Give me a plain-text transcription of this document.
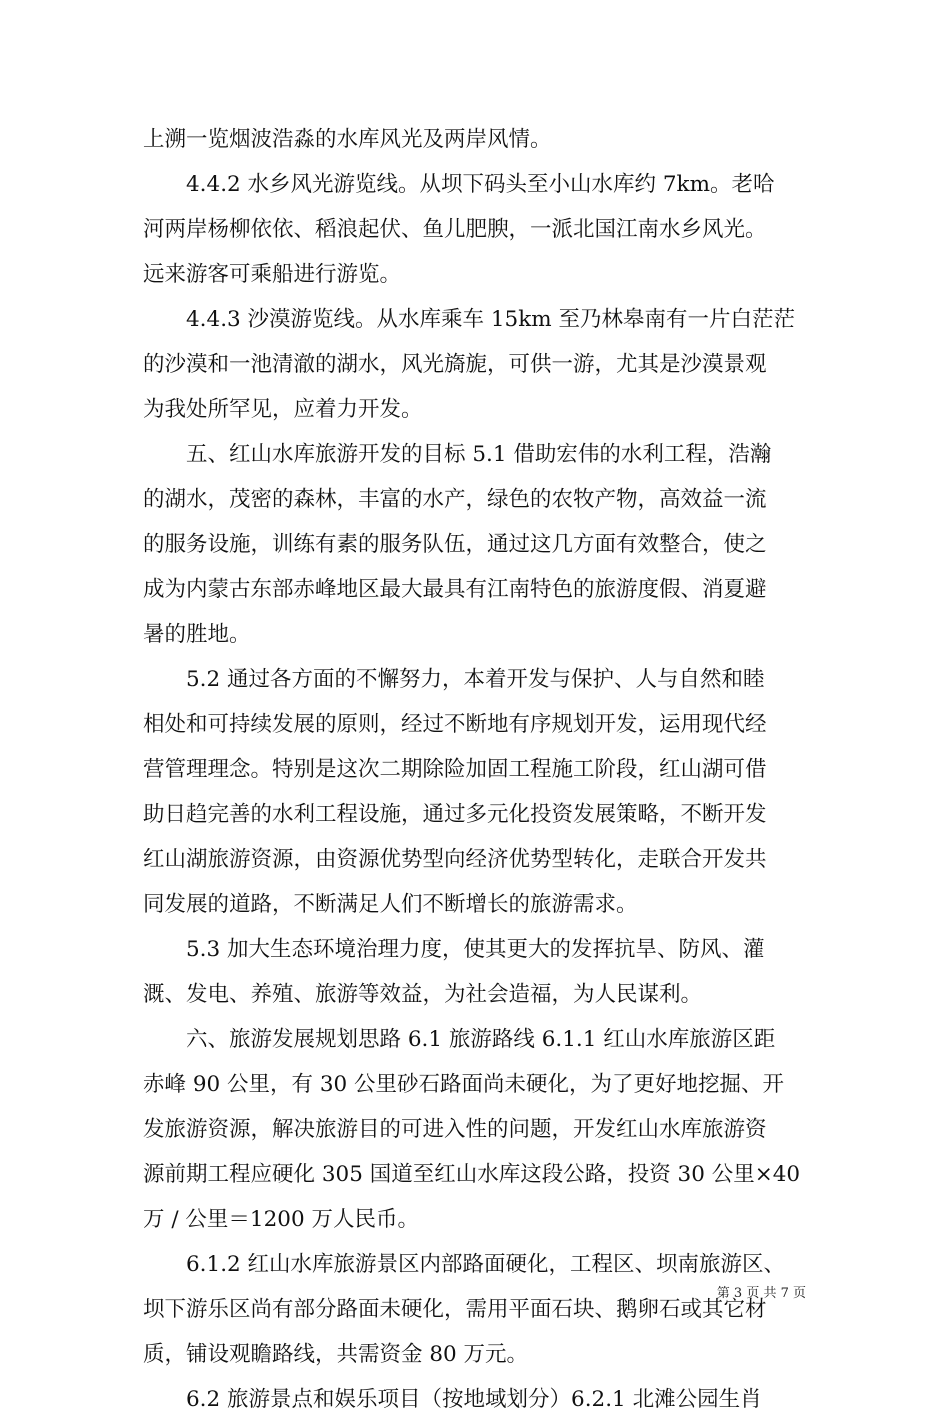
上溯一览烟波浩淼的水库风光及两岸风情。
4.4.2 水乡风光游览线。从坝下码头至小山水库约 7km。老哈
河两岸杨柳依依、稻浪起伏、鱼儿肥腴，一派北国江南水乡风光。
远来游客可乘船进行游览。
4.4.3 沙漠游览线。从水库乘车 15km 至乃林皋南有一片白茫茫
的沙漠和一池清澈的湖水，风光旖旎，可供一游，尤其是沙漠景观
为我处所罕见，应着力开发。
五、红山水库旅游开发的目标 5.1 借助宏伟的水利工程，浩瀚
的湖水，茂密的森林，丰富的水产，绿色的农牧产物，高效益一流
的服务设施，训练有素的服务队伍，通过这几方面有效整合，使之
成为内蒙古东部赤峰地区最大最具有江南特色的旅游度假、消夏避
暑的胜地。
5.2 通过各方面的不懈努力，本着开发与保护、人与自然和睦
相处和可持续发展的原则，经过不断地有序规划开发，运用现代经
营管理理念。特别是这次二期除险加固工程施工阶段，红山湖可借
助日趋完善的水利工程设施，通过多元化投资发展策略，不断开发
红山湖旅游资源，由资源优势型向经济优势型转化，走联合开发共
同发展的道路，不断满足人们不断增长的旅游需求。
5.3 加大生态环境治理力度，使其更大的发挥抗旱、防风、灌
溉、发电、养殖、旅游等效益，为社会造福，为人民谋利。
六、旅游发展规划思路 6.1 旅游路线 6.1.1 红山水库旅游区距
赤峰 90 公里，有 30 公里砂石路面尚未硬化，为了更好地挖掘、开
发旅游资源，解决旅游目的可进入性的问题，开发红山水库旅游资
源前期工程应硬化 305 国道至红山水库这段公路，投资 30 公里×40
万 / 公里＝1200 万人民币。
6.1.2 红山水库旅游景区内部路面硬化，工程区、坝南旅游区、
坝下游乐区尚有部分路面未硬化，需用平面石块、鹅卵石或其它材
质，铺设观瞻路线，共需资金 80 万元。
6.2 旅游景点和娱乐项目（按地域划分）6.2.1 北滩公园生肖
第 3 页 共 7 页
